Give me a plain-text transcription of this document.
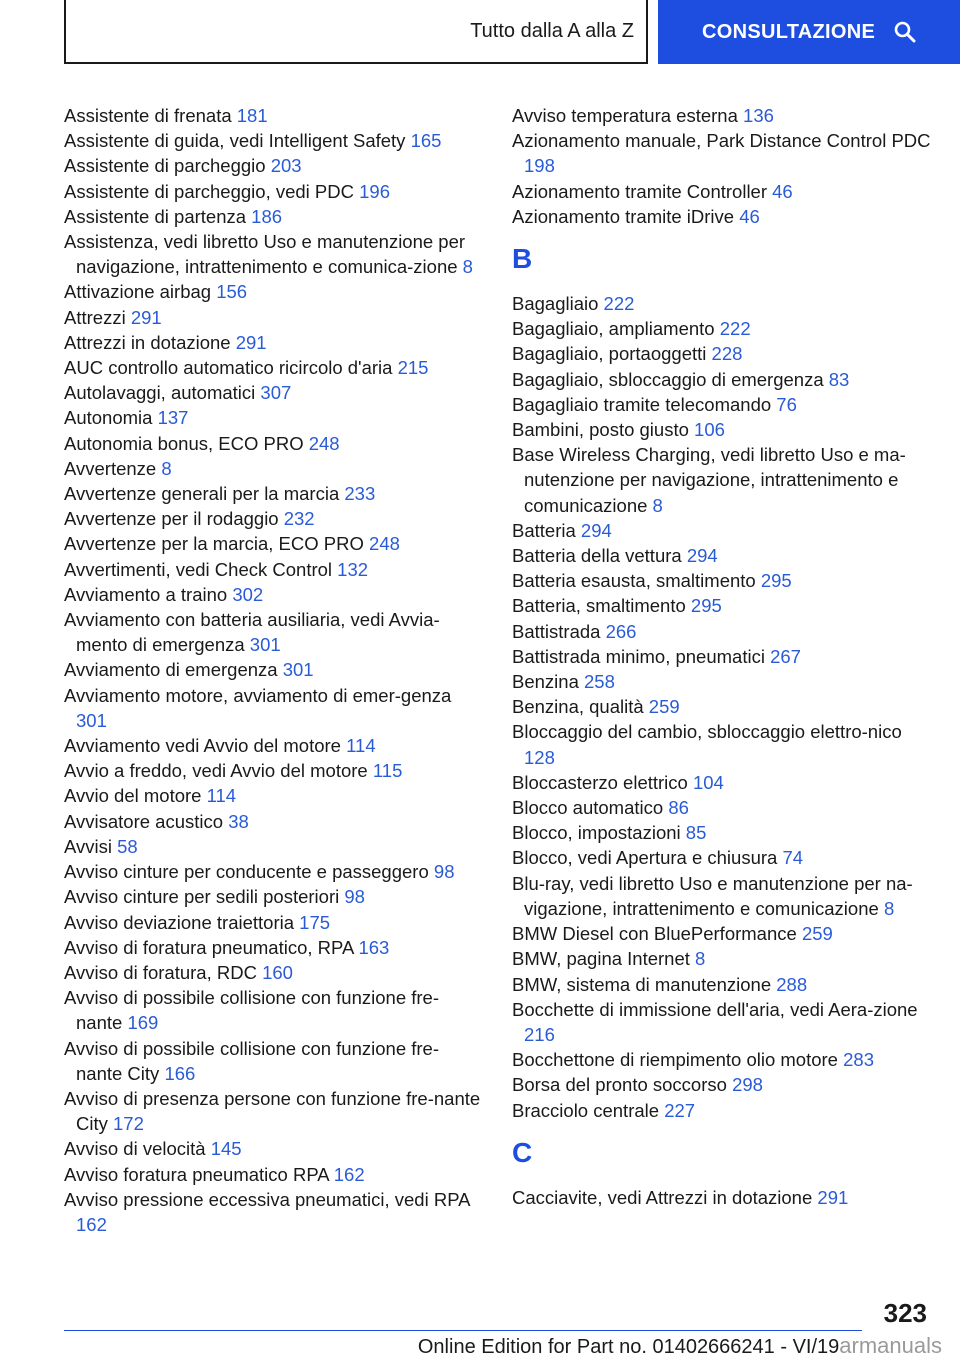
Tutto dalla A alla Z	CONSULTAZIONE
Assistente di frenata 181
Assistente di guida, vedi Intelligent Safety 165
Assistente di parcheggio 203
Assistente di parcheggio, vedi PDC 196
Assistente di partenza 186
Assistenza, vedi libretto Uso e manutenzione per navigazione, intrattenimento e comunica-zione 8
Attivazione airbag 156
Attrezzi 291
Attrezzi in dotazione 291
AUC controllo automatico ricircolo d'aria 215
Autolavaggi, automatici 307
Autonomia 137
Autonomia bonus, ECO PRO 248
Avvertenze 8
Avvertenze generali per la marcia 233
Avvertenze per il rodaggio 232
Avvertenze per la marcia, ECO PRO 248
Avvertimenti, vedi Check Control 132
Avviamento a traino 302
Avviamento con batteria ausiliaria, vedi Avvia-mento di emergenza 301
Avviamento di emergenza 301
Avviamento motore, avviamento di emer-genza 301
Avviamento vedi Avvio del motore 114
Avvio a freddo, vedi Avvio del motore 115
Avvio del motore 114
Avvisatore acustico 38
Avvisi 58
Avviso cinture per conducente e passeggero 98
Avviso cinture per sedili posteriori 98
Avviso deviazione traiettoria 175
Avviso di foratura pneumatico, RPA 163
Avviso di foratura, RDC 160
Avviso di possibile collisione con funzione fre-nante 169
Avviso di possibile collisione con funzione fre-nante City 166
Avviso di presenza persone con funzione fre-nante City 172
Avviso di velocità 145
Avviso foratura pneumatico RPA 162
Avviso pressione eccessiva pneumatici, vedi RPA 162
Avviso temperatura esterna 136
Azionamento manuale, Park Distance Control PDC 198
Azionamento tramite Controller 46
Azionamento tramite iDrive 46
B
Bagagliaio 222
Bagagliaio, ampliamento 222
Bagagliaio, portaoggetti 228
Bagagliaio, sbloccaggio di emergenza 83
Bagagliaio tramite telecomando 76
Bambini, posto giusto 106
Base Wireless Charging, vedi libretto Uso e ma-nutenzione per navigazione, intrattenimento e comunicazione 8
Batteria 294
Batteria della vettura 294
Batteria esausta, smaltimento 295
Batteria, smaltimento 295
Battistrada 266
Battistrada minimo, pneumatici 267
Benzina 258
Benzina, qualità 259
Bloccaggio del cambio, sbloccaggio elettro-nico 128
Bloccasterzo elettrico 104
Blocco automatico 86
Blocco, impostazioni 85
Blocco, vedi Apertura e chiusura 74
Blu-ray, vedi libretto Uso e manutenzione per na-vigazione, intrattenimento e comunicazione 8
BMW Diesel con BluePerformance 259
BMW, pagina Internet 8
BMW, sistema di manutenzione 288
Bocchette di immissione dell'aria, vedi Aera-zione 216
Bocchettone di riempimento olio motore 283
Borsa del pronto soccorso 298
Bracciolo centrale 227
C
Cacciavite, vedi Attrezzi in dotazione 291
323
Online Edition for Part no. 01402666241 - VI/19armanuals
